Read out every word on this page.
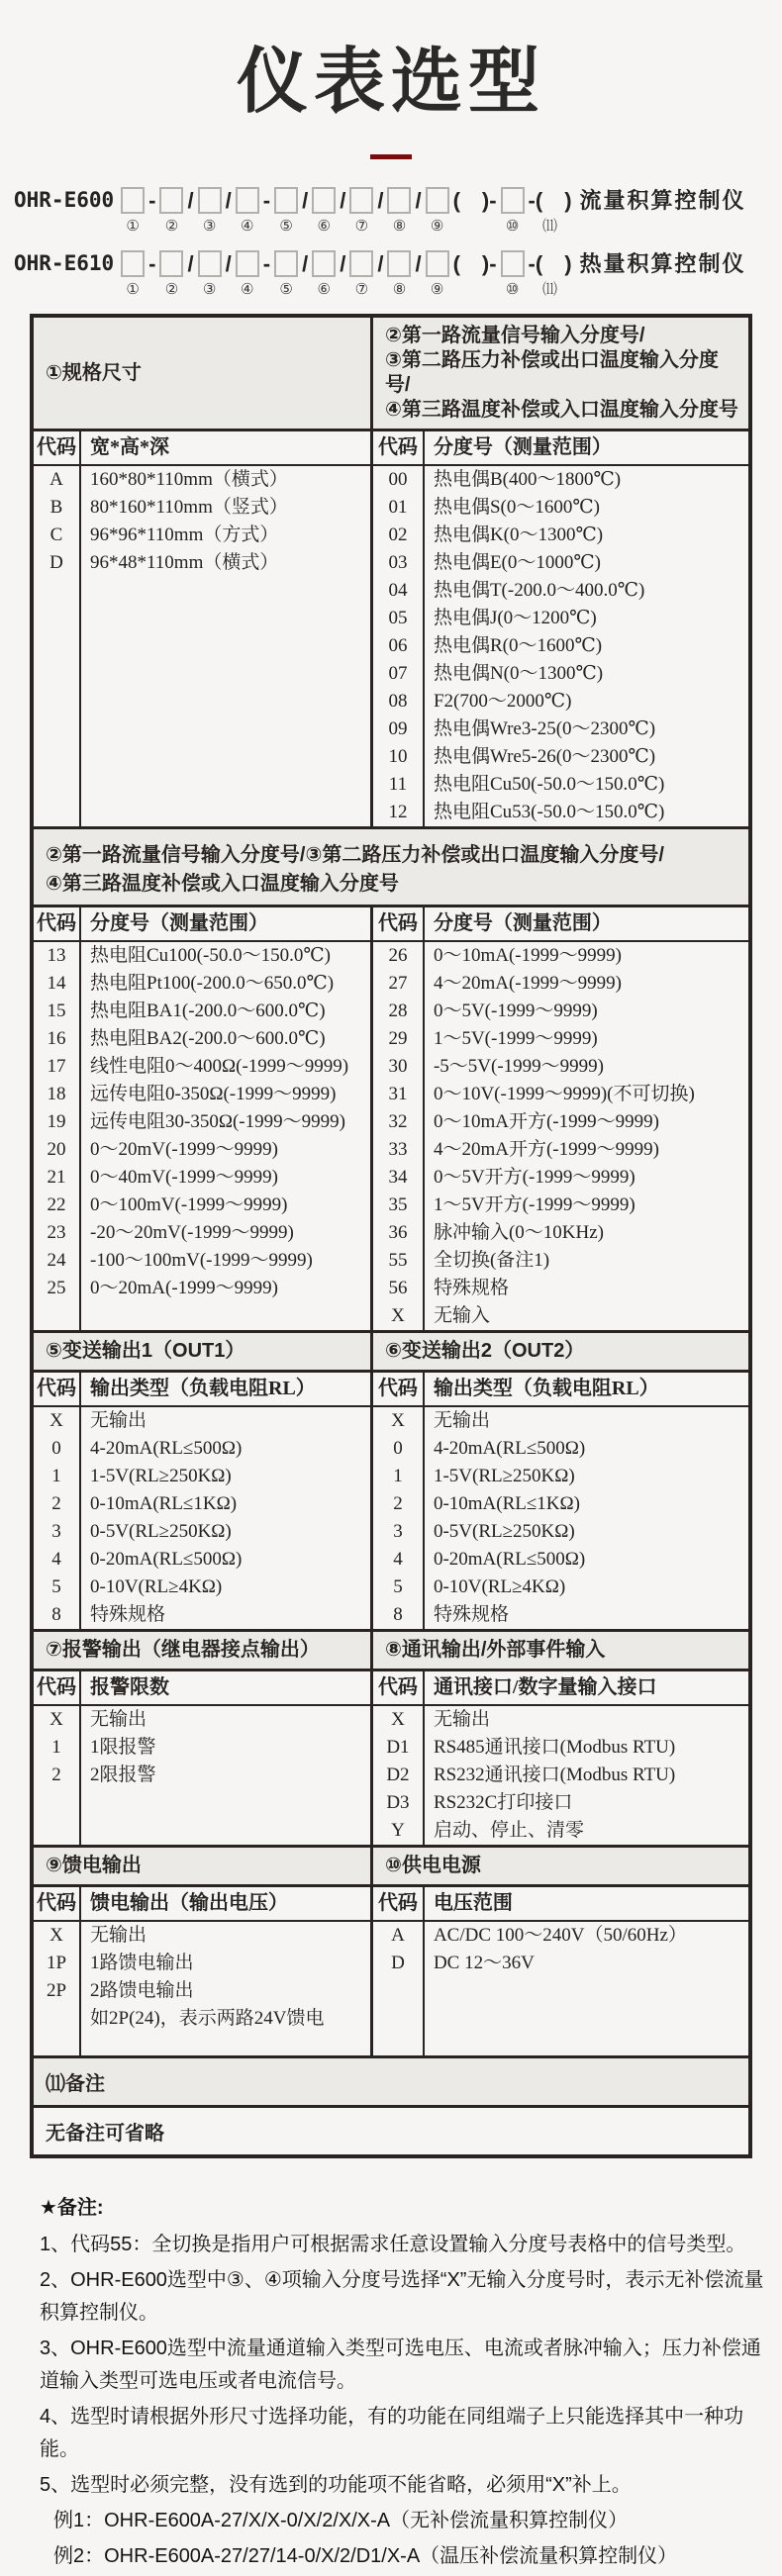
仪表选型
OHR-E600
①
-
②
/
③
/
④
-
⑤
/
⑥
/
⑦
/
⑧
/
⑨
(　)-
⑩
-(　)
⑾
流量积算控制仪
OHR-E610
①
-
②
/
③
/
④
-
⑤
/
⑥
/
⑦
/
⑧
/
⑨
(　)-
⑩
-(　)
⑾
热量积算控制仪
①规格尺寸
②第一路流量信号输入分度号/
③第二路压力补偿或出口温度输入分度号/
④第三路温度补偿或入口温度输入分度号
代码 宽*高*深
A	160*80*110mm（横式）
B	80*160*110mm（竖式）
C	96*96*110mm（方式）
D	96*48*110mm（横式）
代码 分度号（测量范围）
00	热电偶B(400～1800℃)
01	热电偶S(0～1600℃)
02	热电偶K(0～1300℃)
03	热电偶E(0～1000℃)
04	热电偶T(-200.0～400.0℃)
05	热电偶J(0～1200℃)
06	热电偶R(0～1600℃)
07	热电偶N(0～1300℃)
08	F2(700～2000℃)
09	热电偶Wre3-25(0～2300℃)
10	热电偶Wre5-26(0～2300℃)
11	热电阻Cu50(-50.0～150.0℃)
12	热电阻Cu53(-50.0～150.0℃)
②第一路流量信号输入分度号/③第二路压力补偿或出口温度输入分度号/
④第三路温度补偿或入口温度输入分度号
代码 分度号（测量范围）
13	热电阻Cu100(-50.0～150.0℃)
14	热电阻Pt100(-200.0～650.0℃)
15	热电阻BA1(-200.0～600.0℃)
16	热电阻BA2(-200.0～600.0℃)
17	线性电阻0～400Ω(-1999～9999)
18	远传电阻0-350Ω(-1999～9999)
19	远传电阻30-350Ω(-1999～9999)
20	0～20mV(-1999～9999)
21	0～40mV(-1999～9999)
22	0～100mV(-1999～9999)
23	-20～20mV(-1999～9999)
24	-100～100mV(-1999～9999)
25	0～20mA(-1999～9999)
代码 分度号（测量范围）
26	0～10mA(-1999～9999)
27	4～20mA(-1999～9999)
28	0～5V(-1999～9999)
29	1～5V(-1999～9999)
30	-5～5V(-1999～9999)
31	0～10V(-1999～9999)(不可切换)
32	0～10mA开方(-1999～9999)
33	4～20mA开方(-1999～9999)
34	0～5V开方(-1999～9999)
35	1～5V开方(-1999～9999)
36	脉冲输入(0～10KHz)
55	全切换(备注1)
56	特殊规格
X	无输入
⑤变送输出1（OUT1）	⑥变送输出2（OUT2）
代码 输出类型（负载电阻RL）
X	无输出
0	4-20mA(RL≤500Ω)
1	1-5V(RL≥250KΩ)
2	0-10mA(RL≤1KΩ)
3	0-5V(RL≥250KΩ)
4	0-20mA(RL≤500Ω)
5	0-10V(RL≥4KΩ)
8	特殊规格
代码 输出类型（负载电阻RL）
X	无输出
0	4-20mA(RL≤500Ω)
1	1-5V(RL≥250KΩ)
2	0-10mA(RL≤1KΩ)
3	0-5V(RL≥250KΩ)
4	0-20mA(RL≤500Ω)
5	0-10V(RL≥4KΩ)
8	特殊规格
⑦报警输出（继电器接点输出）	⑧通讯输出/外部事件输入
代码 报警限数
X	无输出
1	1限报警
2	2限报警
代码 通讯接口/数字量输入接口
X	无输出
D1	RS485通讯接口(Modbus RTU)
D2	RS232通讯接口(Modbus RTU)
D3	RS232C打印接口
Y	启动、停止、清零
⑨馈电输出	⑩供电电源
代码 馈电输出（输出电压）
X	无输出
1P	1路馈电输出
2P	2路馈电输出
如2P(24)，表示两路24V馈电
代码 电压范围
A	AC/DC 100～240V（50/60Hz）
D	DC 12～36V
⑾备注
无备注可省略
★备注:
1、代码55：全切换是指用户可根据需求任意设置输入分度号表格中的信号类型。
2、OHR-E600选型中③、④项输入分度号选择“X”无输入分度号时，表示无补偿流量积算控制仪。
3、OHR-E600选型中流量通道输入类型可选电压、电流或者脉冲输入；压力补偿通道输入类型可选电压或者电流信号。
4、选型时请根据外形尺寸选择功能，有的功能在同组端子上只能选择其中一种功能。
5、选型时必须完整，没有选到的功能项不能省略，必须用“X”补上。
例1：OHR-E600A-27/X/X-0/X/2/X/X-A（无补偿流量积算控制仪）
例2：OHR-E600A-27/27/14-0/X/2/D1/X-A（温压补偿流量积算控制仪）
